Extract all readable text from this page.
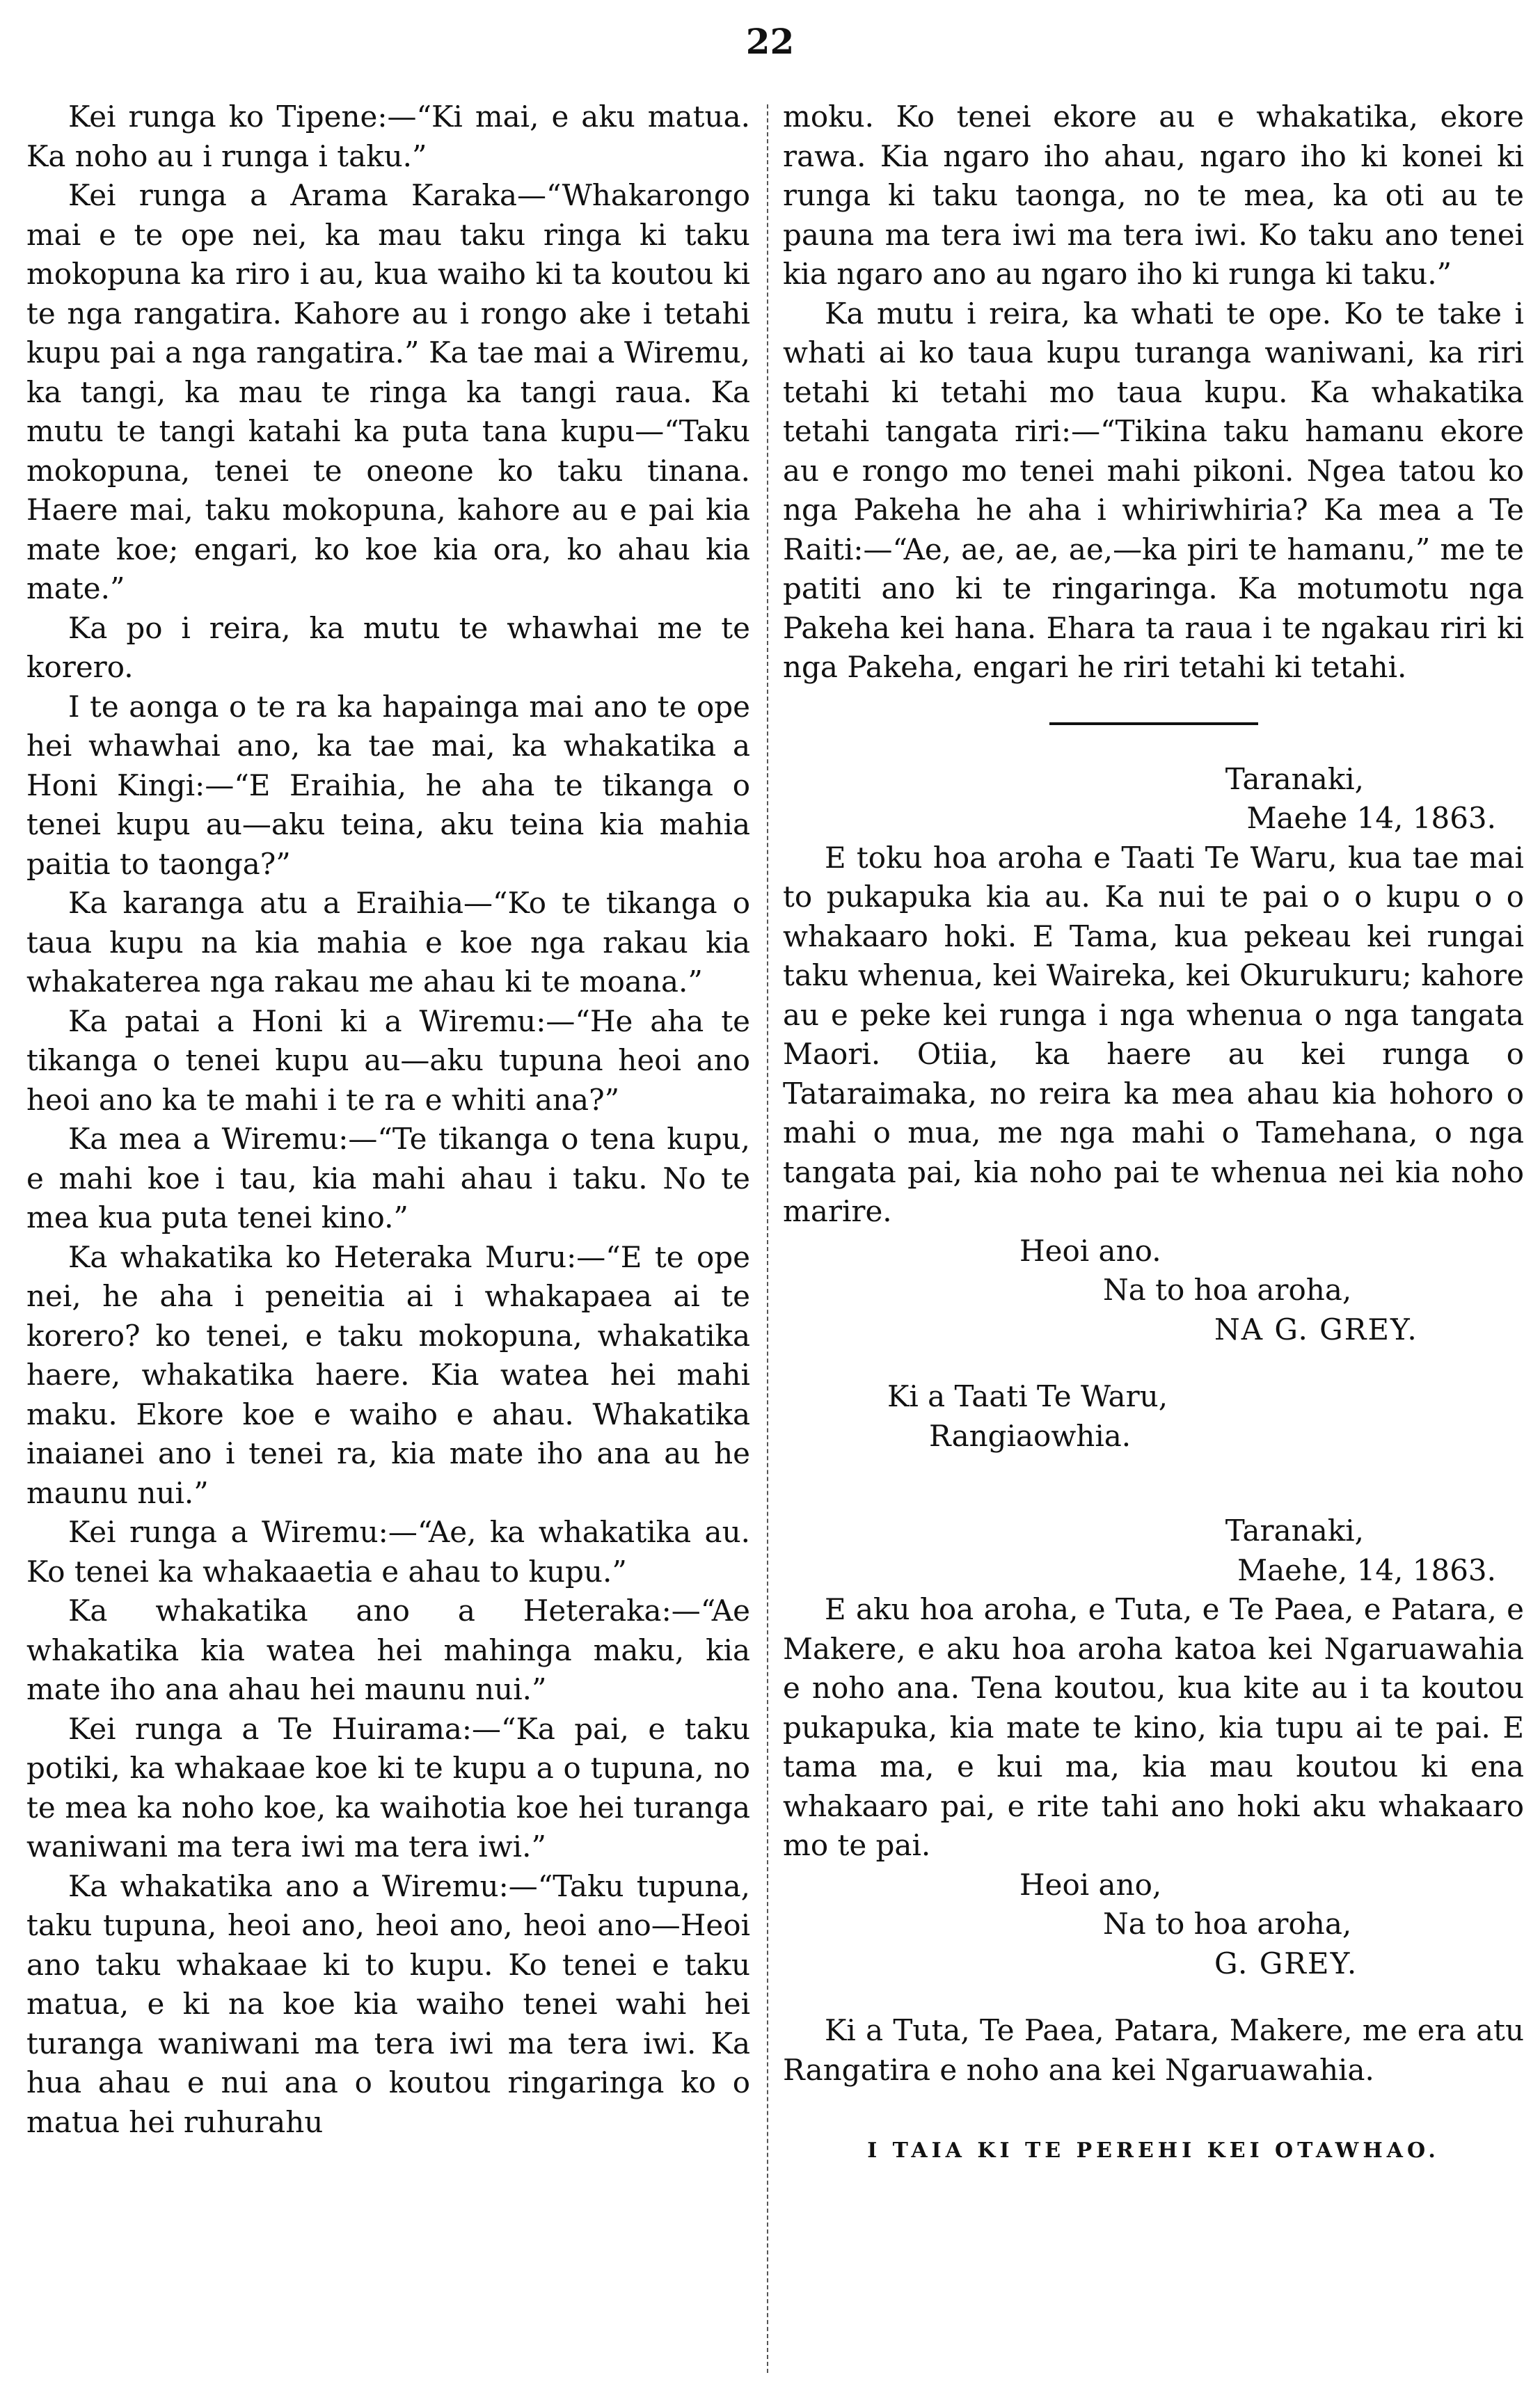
22

Kei runga ko Tipene:—“Ki mai, e aku matua. Ka noho au i runga i taku.”

Kei runga a Arama Karaka—“Whakarongo mai e te ope nei, ka mau taku ringa ki taku mokopuna ka riro i au, kua waiho ki ta koutou ki te nga rangatira. Kahore au i rongo ake i tetahi kupu pai a nga rangatira.” Ka tae mai a Wiremu, ka tangi, ka mau te ringa ka tangi raua. Ka mutu te tangi katahi ka puta tana kupu—“Taku mokopuna, tenei te oneone ko taku tinana. Haere mai, taku mokopuna, kahore au e pai kia mate koe; engari, ko koe kia ora, ko ahau kia mate.”

Ka po i reira, ka mutu te whawhai me te korero.

I te aonga o te ra ka hapainga mai ano te ope hei whawhai ano, ka tae mai, ka whakatika a Honi Kingi:—“E Eraihia, he aha te tikanga o tenei kupu au—aku teina, aku teina kia mahia paitia to taonga?”

Ka karanga atu a Eraihia—“Ko te tikanga o taua kupu na kia mahia e koe nga rakau kia whakaterea nga rakau me ahau ki te moana.”

Ka patai a Honi ki a Wiremu:—“He aha te tikanga o tenei kupu au—aku tupuna heoi ano heoi ano ka te mahi i te ra e whiti ana?”

Ka mea a Wiremu:—“Te tikanga o tena kupu, e mahi koe i tau, kia mahi ahau i taku. No te mea kua puta tenei kino.”

Ka whakatika ko Heteraka Muru:—“E te ope nei, he aha i peneitia ai i whakapaea ai te korero? ko tenei, e taku mokopuna, whakatika haere, whakatika haere. Kia watea hei mahi maku. Ekore koe e waiho e ahau. Whakatika inaianei ano i tenei ra, kia mate iho ana au he maunu nui.”

Kei runga a Wiremu:—“Ae, ka whakatika au. Ko tenei ka whakaaetia e ahau to kupu.”

Ka whakatika ano a Heteraka:—“Ae whakatika kia watea hei mahinga maku, kia mate iho ana ahau hei maunu nui.”

Kei runga a Te Huirama:—“Ka pai, e taku potiki, ka whakaae koe ki te kupu a o tupuna, no te mea ka noho koe, ka waihotia koe hei turanga waniwani ma tera iwi ma tera iwi.”

Ka whakatika ano a Wiremu:—“Taku tupuna, taku tupuna, heoi ano, heoi ano, heoi ano—Heoi ano taku whakaae ki to kupu. Ko tenei e taku matua, e ki na koe kia waiho tenei wahi hei turanga waniwani ma tera iwi ma tera iwi. Ka hua ahau e nui ana o koutou ringaringa ko o matua hei ruhurahu

moku. Ko tenei ekore au e whakatika, ekore rawa. Kia ngaro iho ahau, ngaro iho ki konei ki runga ki taku taonga, no te mea, ka oti au te pauna ma tera iwi ma tera iwi. Ko taku ano tenei kia ngaro ano au ngaro iho ki runga ki taku.”

Ka mutu i reira, ka whati te ope. Ko te take i whati ai ko taua kupu turanga waniwani, ka riri tetahi ki tetahi mo taua kupu. Ka whakatika tetahi tangata riri:—“Tikina taku hamanu ekore au e rongo mo tenei mahi pikoni. Ngea tatou ko nga Pakeha he aha i whiriwhiria? Ka mea a Te Raiti:—“Ae, ae, ae, ae,—ka piri te hamanu,” me te patiti ano ki te ringaringa. Ka motumotu nga Pakeha kei hana. Ehara ta raua i te ngakau riri ki nga Pakeha, engari he riri tetahi ki tetahi.

Taranaki,

Maehe 14, 1863.

E toku hoa aroha e Taati Te Waru, kua tae mai to pukapuka kia au. Ka nui te pai o o kupu o o whakaaro hoki. E Tama, kua pekeau kei rungai taku whenua, kei Waireka, kei Okurukuru; kahore au e peke kei runga i nga whenua o nga tangata Maori. Otiia, ka haere au kei runga o Tataraimaka, no reira ka mea ahau kia hohoro o mahi o mua, me nga mahi o Tamehana, o nga tangata pai, kia noho pai te whenua nei kia noho marire.

Heoi ano.

Na to hoa aroha,

NA G. GREY.

Ki a Taati Te Waru,

Rangiaowhia.

Taranaki,

Maehe, 14, 1863.

E aku hoa aroha, e Tuta, e Te Paea, e Patara, e Makere, e aku hoa aroha katoa kei Ngaruawahia e noho ana. Tena koutou, kua kite au i ta koutou pukapuka, kia mate te kino, kia tupu ai te pai. E tama ma, e kui ma, kia mau koutou ki ena whakaaro pai, e rite tahi ano hoki aku whakaaro mo te pai.

Heoi ano,

Na to hoa aroha,

G. GREY.

Ki a Tuta, Te Paea, Patara, Makere, me era atu Rangatira e noho ana kei Ngaruawahia.

I TAIA KI TE PEREHI KEI OTAWHAO.
